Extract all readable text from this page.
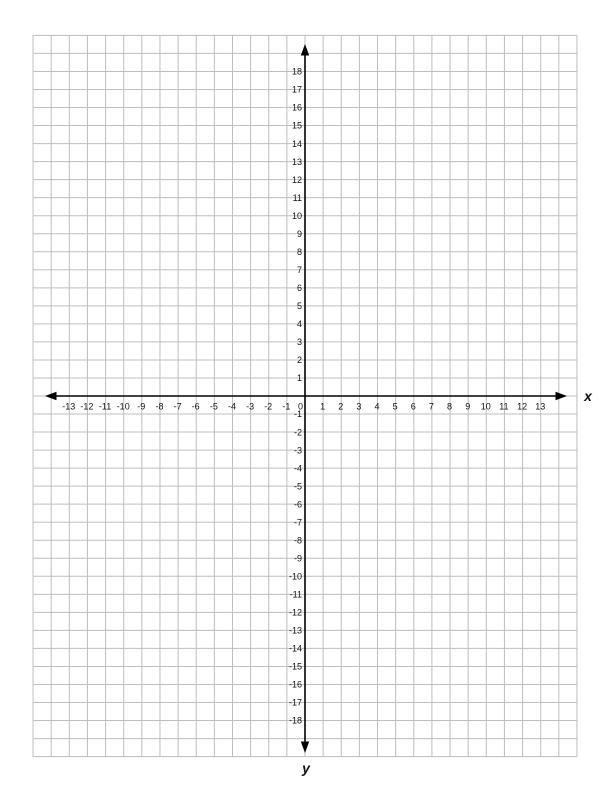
-13 -12 -11 -10 -9 -8 -7 -6 -5 -4 -3 -2 -1	1 2 3 4 5 6 7 8 9 10 11 12 13
-18
-17
-16
-15
-14
-13
-12
-11
-10
-9
-8
-7
-6
-5
-4
-3
-2
-1
1
2
3
4
5
6
7
8
9
10
11
12
13
14
15
16
17
18
0
x
y
